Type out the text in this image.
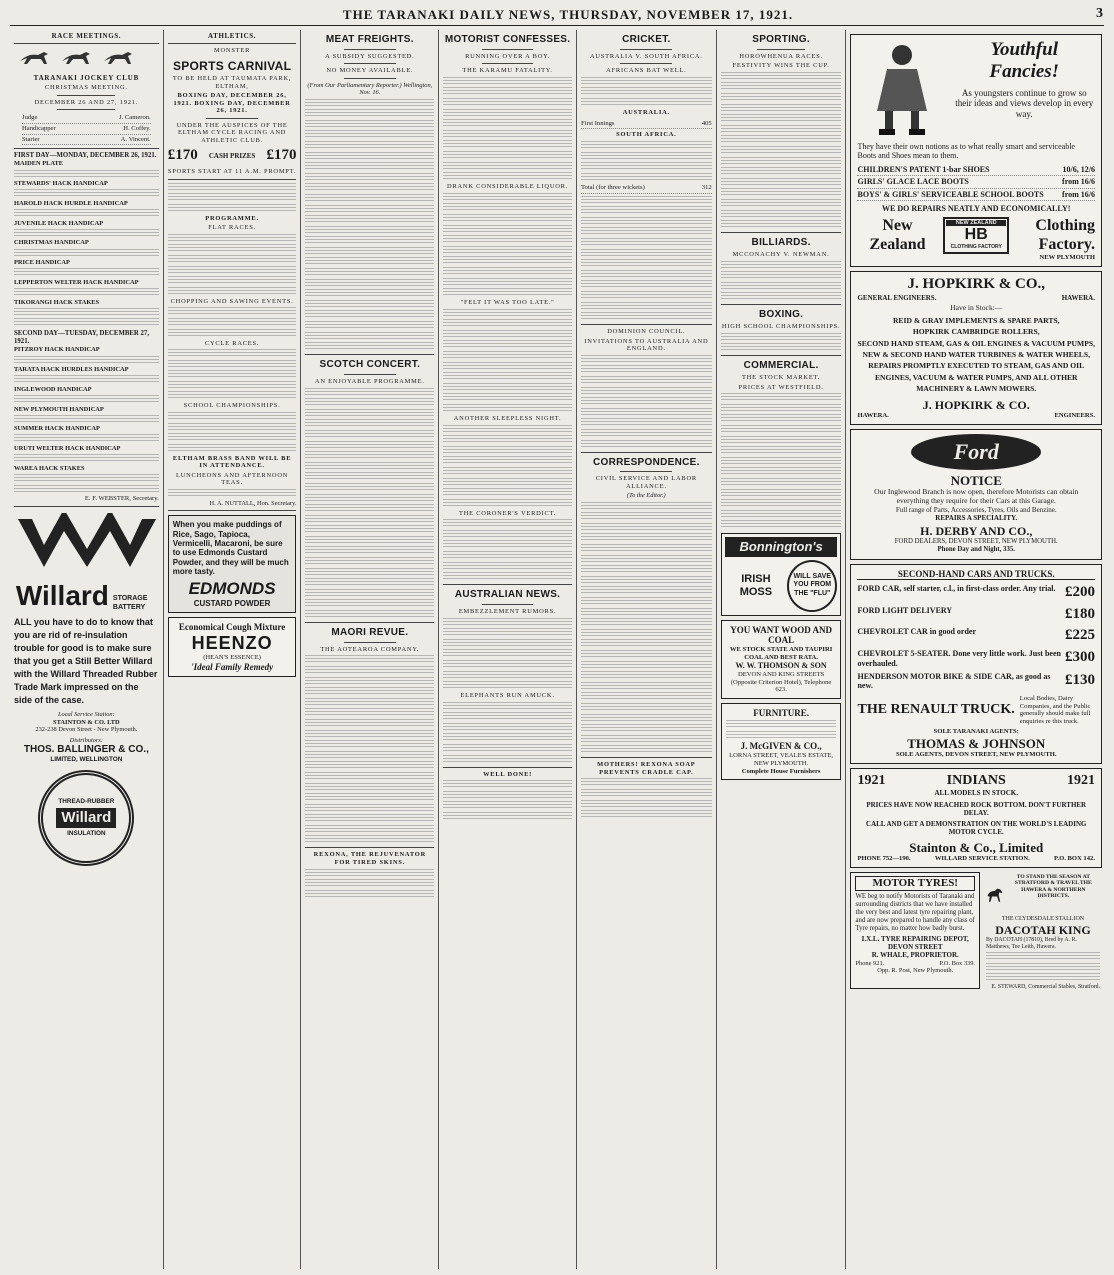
THE TARANAKI DAILY NEWS, THURSDAY, NOVEMBER 17, 1921.	3
RACE MEETINGS.
TARANAKI JOCKEY CLUB
CHRISTMAS MEETING.
DECEMBER 26 AND 27, 1921.
Judge	J. Cameron.
Handicapper	H. Coffey.
Starter	A. Vincent.
FIRST DAY—MONDAY, DECEMBER 26, 1921.
MAIDEN PLATE
STEWARDS' HACK HANDICAP
HAROLD HACK HURDLE HANDICAP
JUVENILE HACK HANDICAP
CHRISTMAS HANDICAP
PRICE HANDICAP
LEPPERTON WELTER HACK HANDICAP
TIKORANGI HACK STAKES
SECOND DAY—TUESDAY, DECEMBER 27, 1921.
PITZROY HACK HANDICAP
TARATA HACK HURDLES HANDICAP
INGLEWOOD HANDICAP
NEW PLYMOUTH HANDICAP
SUMMER HACK HANDICAP
URUTI WELTER HACK HANDICAP
WAREA HACK STAKES
E. F. WEBSTER, Secretary.
Willard STORAGE BATTERY
ALL you have to do to know that you are rid of re-insulation trouble for good is to make sure that you get a Still Better Willard with the Willard Threaded Rubber Trade Mark impressed on the side of the case.
Local Service Station:
STAINTON & CO. LTD
232-238 Devon Street - New Plymouth.
Distributors:
THOS. BALLINGER & CO.,
LIMITED, WELLINGTON
THREAD-RUBBER
Willard
INSULATION
ATHLETICS.
MONSTER
SPORTS CARNIVAL
TO BE HELD AT TAUMATA PARK, ELTHAM,
BOXING DAY, DECEMBER 26, 1921. BOXING DAY, DECEMBER 26, 1921.
UNDER THE AUSPICES OF THE ELTHAM CYCLE RACING AND ATHLETIC CLUB.
£170 CASH PRIZES £170
SPORTS START AT 11 A.M. PROMPT.
PROGRAMME.
FLAT RACES.
CHOPPING AND SAWING EVENTS.
CYCLE RACES.
SCHOOL CHAMPIONSHIPS.
ELTHAM BRASS BAND WILL BE IN ATTENDANCE.
LUNCHEONS AND AFTERNOON TEAS.
H. A. NUTTALL, Hon. Secretary.
When you make puddings of Rice, Sago, Tapioca, Vermicelli, Macaroni, be sure to use Edmonds Custard Powder, and they will be much more tasty.
EDMONDS
CUSTARD POWDER
Economical Cough Mixture
HEENZO
(HEAN'S ESSENCE)
'Ideal Family Remedy
MEAT FREIGHTS.
A SUBSIDY SUGGESTED.
NO MONEY AVAILABLE.
(From Our Parliamentary Reporter.) Wellington, Nov. 16.
SCOTCH CONCERT.
AN ENJOYABLE PROGRAMME.
MAORI REVUE.
THE AOTEAROA COMPANY.
REXONA, THE REJUVENATOR FOR TIRED SKINS.
MOTORIST CONFESSES.
RUNNING OVER A BOY.
THE KARAMU FATALITY.
DRANK CONSIDERABLE LIQUOR.
"FELT IT WAS TOO LATE."
ANOTHER SLEEPLESS NIGHT.
THE CORONER'S VERDICT.
AUSTRALIAN NEWS.
EMBEZZLEMENT RUMORS.
ELEPHANTS RUN AMUCK.
WELL DONE!
CRICKET.
AUSTRALIA V. SOUTH AFRICA.
AFRICANS BAT WELL.
AUSTRALIA.
First Innings	405
SOUTH AFRICA.
Total (for three wickets)	312
DOMINION COUNCIL.
INVITATIONS TO AUSTRALIA AND ENGLAND.
CORRESPONDENCE.
CIVIL SERVICE AND LABOR ALLIANCE.
(To the Editor.)
MOTHERS! REXONA SOAP PREVENTS CRADLE CAP.
SPORTING.
HOROWHENUA RACES.
FESTIVITY WINS THE CUP.
BILLIARDS.
MCCONACHY V. NEWMAN.
BOXING.
HIGH SCHOOL CHAMPIONSHIPS.
COMMERCIAL.
THE STOCK MARKET.
PRICES AT WESTFIELD.
Bonnington's
IRISH MOSS
WILL SAVE YOU FROM THE "FLU"
YOU WANT WOOD AND COAL
WE STOCK STATE AND TAUPIRI COAL AND BEST RATA.
W. W. THOMSON & SON
DEVON AND KING STREETS (Opposite Criterion Hotel), Telephone 623.
FURNITURE.
J. McGIVEN & CO.,
LORNA STREET, VEALE'S ESTATE, NEW PLYMOUTH.
Complete House Furnishers
Youthful Fancies!
As youngsters continue to grow so their ideas and views develop in every way.
They have their own notions as to what really smart and serviceable Boots and Shoes mean to them.
CHILDREN'S PATENT 1-bar SHOES	10/6, 12/6
GIRLS' GLACE LACE BOOTS	from 16/6
BOYS' & GIRLS' SERVICEABLE SCHOOL BOOTS from 16/6
WE DO REPAIRS NEATLY AND ECONOMICALLY!
New Zealand
NEW ZEALAND
HB
CLOTHING FACTORY
Clothing Factory.
NEW PLYMOUTH
J. HOPKIRK & CO.,
GENERAL ENGINEERS.	HAWERA.
Have in Stock:—
REID & GRAY IMPLEMENTS & SPARE PARTS,
HOPKIRK CAMBRIDGE ROLLERS,
SECOND HAND STEAM, GAS & OIL ENGINES & VACUUM PUMPS,
NEW & SECOND HAND WATER TURBINES & WATER WHEELS,
REPAIRS PROMPTLY EXECUTED TO STEAM, GAS AND OIL ENGINES, VACUUM & WATER PUMPS, AND ALL OTHER MACHINERY & LAWN MOWERS.
J. HOPKIRK & CO.
HAWERA.	ENGINEERS.
Ford
NOTICE
Our Inglewood Branch is now open, therefore Motorists can obtain everything they require for their Cars at this Garage.
Full range of Parts, Accessories, Tyres, Oils and Benzine.
REPAIRS A SPECIALITY.
H. DERBY AND CO.,
FORD DEALERS, DEVON STREET, NEW PLYMOUTH.
Phone Day and Night, 335.
SECOND-HAND CARS AND TRUCKS.
FORD CAR, self starter, c.l., in first-class order. Any trial. £200
FORD LIGHT DELIVERY	£180
CHEVROLET CAR in good order	£225
CHEVROLET 5-SEATER. Done very little work. Just been overhauled.	£300
HENDERSON MOTOR BIKE & SIDE CAR, as good as new.	£130
THE RENAULT TRUCK.
Local Bodies, Dairy Companies, and the Public generally should make full enquiries re this truck.
SOLE TARANAKI AGENTS:
THOMAS & JOHNSON
SOLE AGENTS, DEVON STREET, NEW PLYMOUTH.
1921	INDIANS	1921
ALL MODELS IN STOCK.
PRICES HAVE NOW REACHED ROCK BOTTOM. DON'T FURTHER DELAY.
CALL AND GET A DEMONSTRATION ON THE WORLD'S LEADING MOTOR CYCLE.
Stainton & Co., Limited
PHONE 752—190.	WILLARD SERVICE STATION.	P.O. BOX 142.
MOTOR TYRES!
WE beg to notify Motorists of Taranaki and surrounding districts that we have installed the very best and latest tyre repairing plant, and are now prepared to handle any class of Tyre repairs, no matter how badly burst.
I.X.L. TYRE REPAIRING DEPOT,
DEVON STREET
R. WHALE, PROPRIETOR.
Phone 921.	P.O. Box 339.
Opp. R. Post, New Plymouth.
TO STAND THE SEASON AT STRATFORD & TRAVEL THE HAWERA & NORTHERN DISTRICTS.
THE CLYDESDALE STALLION
DACOTAH KING
By DACOTAH (17810), Bred by A. R. Matthews, Tee Leith, Hawera.
E. STEWARD, Commercial Stables, Stratford.
